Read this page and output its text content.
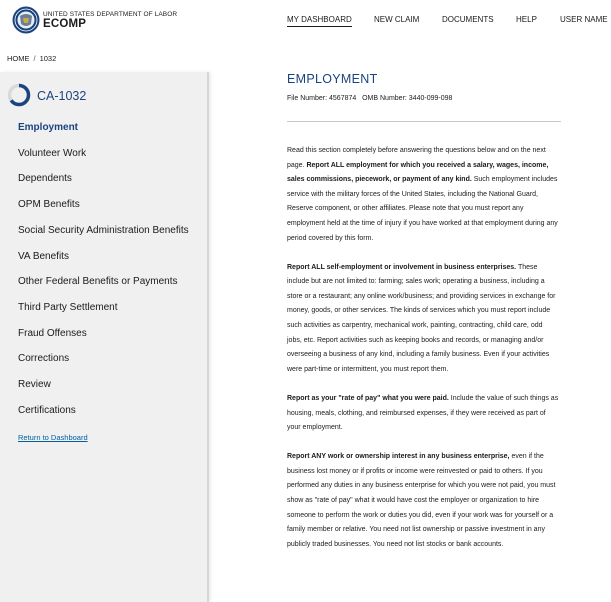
UNITED STATES DEPARTMENT OF LABOR
ECOMP	MY DASHBOARD	NEW CLAIM	DOCUMENTS	HELP	USER NAME
HOME / 1032
CA-1032
Employment
Volunteer Work
Dependents
OPM Benefits
Social Security Administration Benefits
VA Benefits
Other Federal Benefits or Payments
Third Party Settlement
Fraud Offenses
Corrections
Review
Certifications
Return to Dashboard
EMPLOYMENT
File Number: 4567874 OMB Number: 3440-099-098

Read this section completely before answering the questions below and on the next page. Report ALL employment for which you received a salary, wages, income, sales commissions, piecework, or payment of any kind. Such employment includes service with the military forces of the United States, including the National Guard, Reserve component, or other affiliates. Please note that you must report any employment held at the time of injury if you have worked at that employment during any period covered by this form.

Report ALL self-employment or involvement in business enterprises. These include but are not limited to: farming; sales work; operating a business, including a store or a restaurant; any online work/business; and providing services in exchange for money, goods, or other services. The kinds of services which you must report include such activities as carpentry, mechanical work, painting, contracting, child care, odd jobs, etc. Report activities such as keeping books and records, or managing and/or overseeing a business of any kind, including a family business. Even if your activities were part-time or intermittent, you must report them.

Report as your "rate of pay" what you were paid. Include the value of such things as housing, meals, clothing, and reimbursed expenses, if they were received as part of your employment.

Report ANY work or ownership interest in any business enterprise, even if the business lost money or if profits or income were reinvested or paid to others. If you performed any duties in any business enterprise for which you were not paid, you must show as "rate of pay" what it would have cost the employer or organization to hire someone to perform the work or duties you did, even if your work was for yourself or a family member or relative. You need not list ownership or passive investment in any publicly traded businesses. You need not list stocks or bank accounts.
